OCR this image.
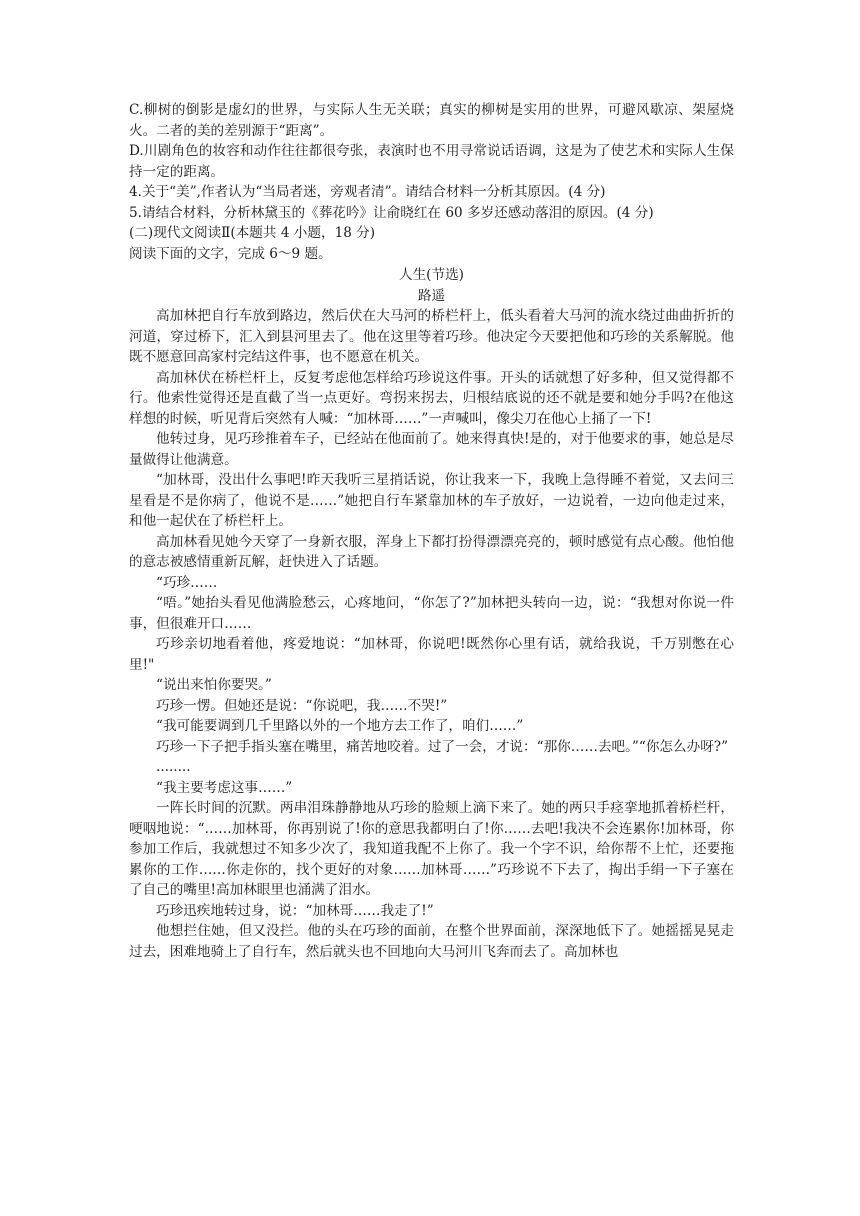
C.柳树的倒影是虚幻的世界，与实际人生无关联；真实的柳树是实用的世界，可避风歇凉、架屋烧火。二者的美的差别源于“距离”。

D.川剧角色的妆容和动作往往都很夸张，表演时也不用寻常说话语调，这是为了使艺术和实际人生保持一定的距离。

4.关于“美”,作者认为“当局者迷，旁观者清”。请结合材料一分析其原因。(4 分)

5.请结合材料，分析林黛玉的《葬花吟》让俞晓红在 60 多岁还感动落泪的原因。(4 分)

(二)现代文阅读Ⅱ(本题共 4 小题，18 分)

阅读下面的文字，完成 6～9 题。

人生(节选)

路遥

高加林把自行车放到路边，然后伏在大马河的桥栏杆上，低头看着大马河的流水绕过曲曲折折的河道，穿过桥下，汇入到县河里去了。他在这里等着巧珍。他决定今天要把他和巧珍的关系解脱。他既不愿意回高家村完结这件事，也不愿意在机关。

高加林伏在桥栏杆上，反复考虑他怎样给巧珍说这件事。开头的话就想了好多种，但又觉得都不行。他索性觉得还是直截了当一点更好。弯拐来拐去，归根结底说的还不就是要和她分手吗?在他这样想的时候，听见背后突然有人喊：“加林哥……”一声喊叫，像尖刀在他心上捅了一下!

他转过身，见巧珍推着车子，已经站在他面前了。她来得真快!是的，对于他要求的事，她总是尽量做得让他满意。

“加林哥，没出什么事吧!昨天我听三星捎话说，你让我来一下，我晚上急得睡不着觉，又去问三星看是不是你病了，他说不是……”她把自行车紧靠加林的车子放好，一边说着，一边向他走过来，和他一起伏在了桥栏杆上。

高加林看见她今天穿了一身新衣服，浑身上下都打扮得漂漂亮亮的，顿时感觉有点心酸。他怕他的意志被感情重新瓦解，赶快进入了话题。

“巧珍……

“唔。”她抬头看见他满脸愁云，心疼地问，“你怎了?”加林把头转向一边，说：“我想对你说一件事，但很难开口……

巧珍亲切地看着他，疼爱地说：“加林哥，你说吧!既然你心里有话，就给我说，千万别憋在心里!"

“说出来怕你要哭。”

巧珍一愣。但她还是说：“你说吧，我……不哭!”

“我可能要调到几千里路以外的一个地方去工作了，咱们……”

巧珍一下子把手指头塞在嘴里，痛苦地咬着。过了一会，才说：“那你……去吧。”“你怎么办呀?”

........

“我主要考虑这事……”

一阵长时间的沉默。两串泪珠静静地从巧珍的脸颊上滴下来了。她的两只手痉挛地抓着桥栏杆，哽咽地说：“……加林哥，你再别说了!你的意思我都明白了!你……去吧!我决不会连累你!加林哥，你参加工作后，我就想过不知多少次了，我知道我配不上你了。我一个字不识，给你帮不上忙，还要拖累你的工作……你走你的，找个更好的对象……加林哥……”巧珍说不下去了，掏出手绢一下子塞在了自己的嘴里!高加林眼里也涌满了泪水。

巧珍迅疾地转过身，说：“加林哥……我走了!”

他想拦住她，但又没拦。他的头在巧珍的面前，在整个世界面前，深深地低下了。她摇摇晃晃走过去，困难地骑上了自行车，然后就头也不回地向大马河川飞奔而去了。高加林也
